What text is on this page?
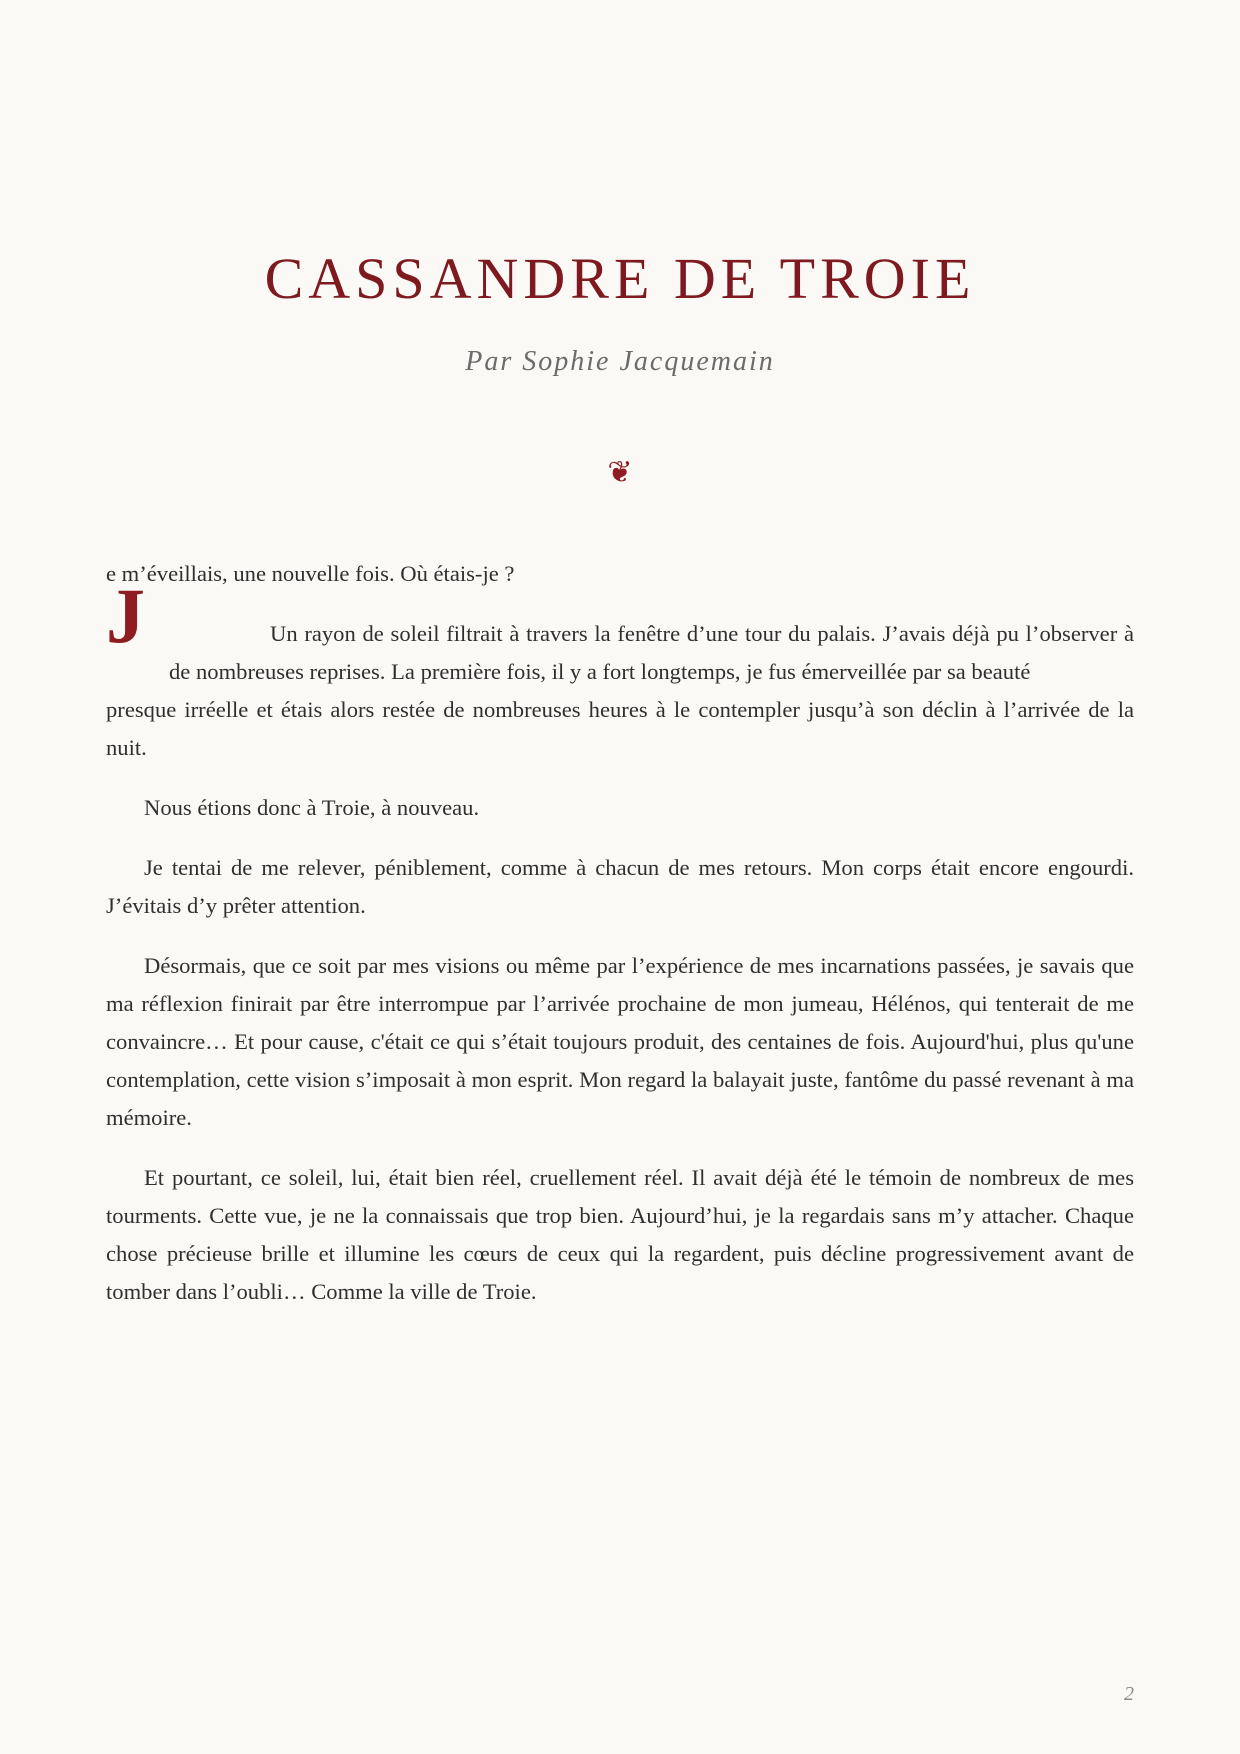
CASSANDRE DE TROIE
Par Sophie Jacquemain
❦
J
e m’éveillais, une nouvelle fois. Où étais-je ?

Un rayon de soleil filtrait à travers la fenêtre d’une tour du palais. J’avais déjà pu l’observer à de nombreuses reprises. La première fois, il y a fort longtemps, je fus émerveillée par sa beauté
presque irréelle et étais alors restée de nombreuses heures à le contempler jusqu’à son déclin à l’arrivée de la nuit.

Nous étions donc à Troie, à nouveau.

Je tentai de me relever, péniblement, comme à chacun de mes retours. Mon corps était encore engourdi. J’évitais d’y prêter attention.

Désormais, que ce soit par mes visions ou même par l’expérience de mes incarnations passées, je savais que ma réflexion finirait par être interrompue par l’arrivée prochaine de mon jumeau, Hélénos, qui tenterait de me convaincre… Et pour cause, c'était ce qui s’était toujours produit, des centaines de fois. Aujourd'hui, plus qu'une contemplation, cette vision s’imposait à mon esprit. Mon regard la balayait juste, fantôme du passé revenant à ma mémoire.

Et pourtant, ce soleil, lui, était bien réel, cruellement réel. Il avait déjà été le témoin de nombreux de mes tourments. Cette vue, je ne la connaissais que trop bien. Aujourd’hui, je la regardais sans m’y attacher. Chaque chose précieuse brille et illumine les cœurs de ceux qui la regardent, puis décline progressivement avant de tomber dans l’oubli… Comme la ville de Troie.

2
